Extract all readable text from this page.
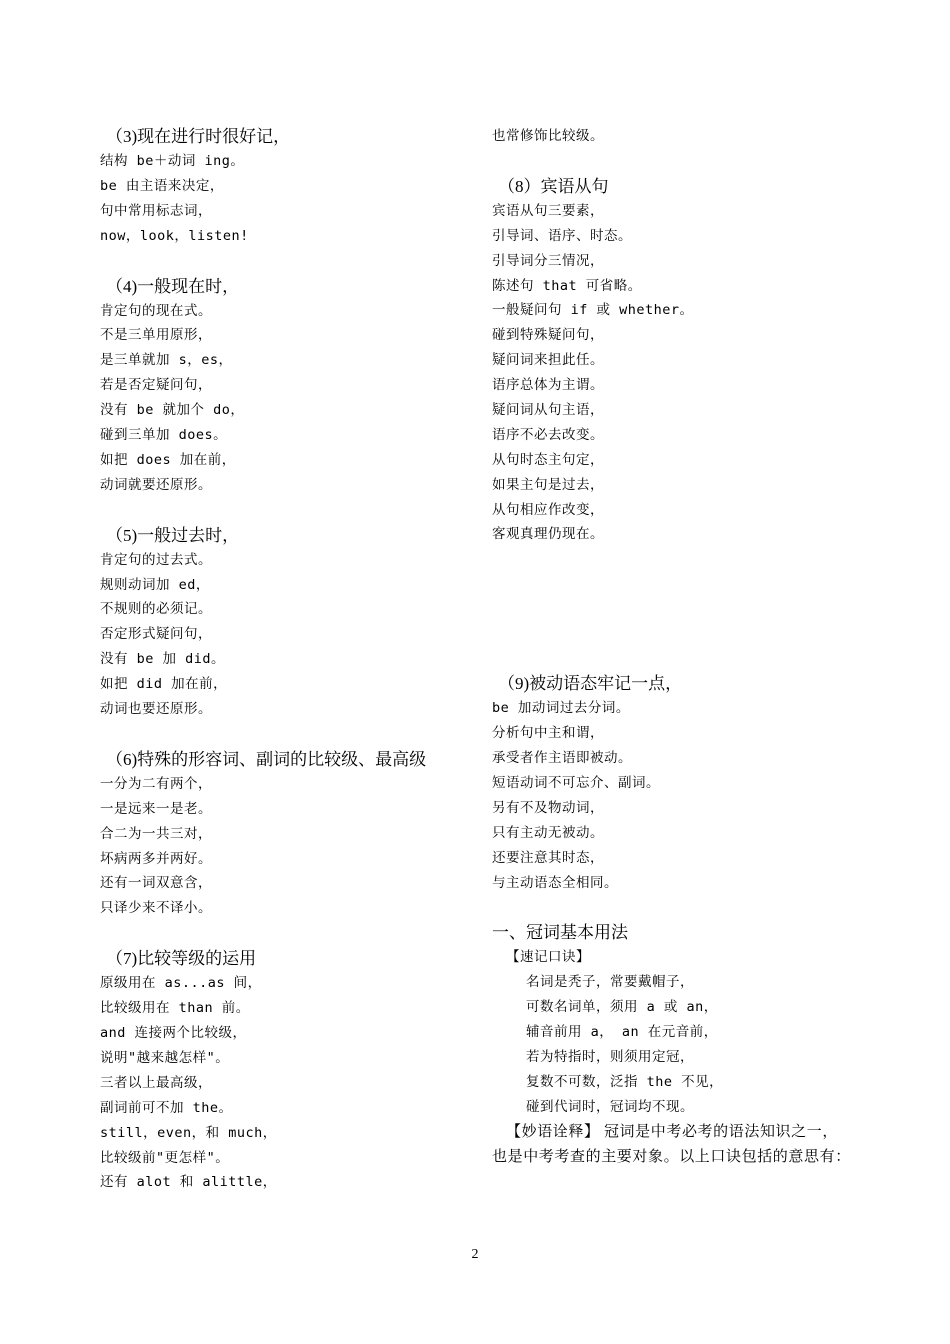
（3)现在进行时很好记，
结构 be＋动词 ing。
be 由主语来决定，
句中常用标志词，
now，look，listen!
（4)一般现在时，
肯定句的现在式。
不是三单用原形，
是三单就加 s，es，
若是否定疑问句，
没有 be 就加个 do，
碰到三单加 does。
如把 does 加在前，
动词就要还原形。
（5)一般过去时，
肯定句的过去式。
规则动词加 ed，
不规则的必须记。
否定形式疑问句，
没有 be 加 did。
如把 did 加在前，
动词也要还原形。
（6)特殊的形容词、副词的比较级、最高级
一分为二有两个，
一是远来一是老。
合二为一共三对，
坏病两多并两好。
还有一词双意含，
只译少来不译小。
（7)比较等级的运用
原级用在 as...as 间，
比较级用在 than 前。
and 连接两个比较级，
说明"越来越怎样"。
三者以上最高级，
副词前可不加 the。
still，even，和 much，
比较级前"更怎样"。
还有 alot 和 alittle，
也常修饰比较级。
（8）宾语从句
宾语从句三要素，
引导词、语序、时态。
引导词分三情况，
陈述句 that 可省略。
一般疑问句 if 或 whether。
碰到特殊疑问句，
疑问词来担此任。
语序总体为主谓。
疑问词从句主语，
语序不必去改变。
从句时态主句定，
如果主句是过去，
从句相应作改变，
客观真理仍现在。
（9)被动语态牢记一点，
be 加动词过去分词。
分析句中主和谓，
承受者作主语即被动。
短语动词不可忘介、副词。
另有不及物动词，
只有主动无被动。
还要注意其时态，
与主动语态全相同。
一、冠词基本用法
【速记口诀】
名词是秃子，常要戴帽子，
可数名词单，须用 a 或 an，
辅音前用 a， an 在元音前，
若为特指时，则须用定冠，
复数不可数，泛指 the 不见，
碰到代词时，冠词均不现。
【妙语诠释】 冠词是中考必考的语法知识之一，
也是中考考查的主要对象。以上口诀包括的意思有：
2
